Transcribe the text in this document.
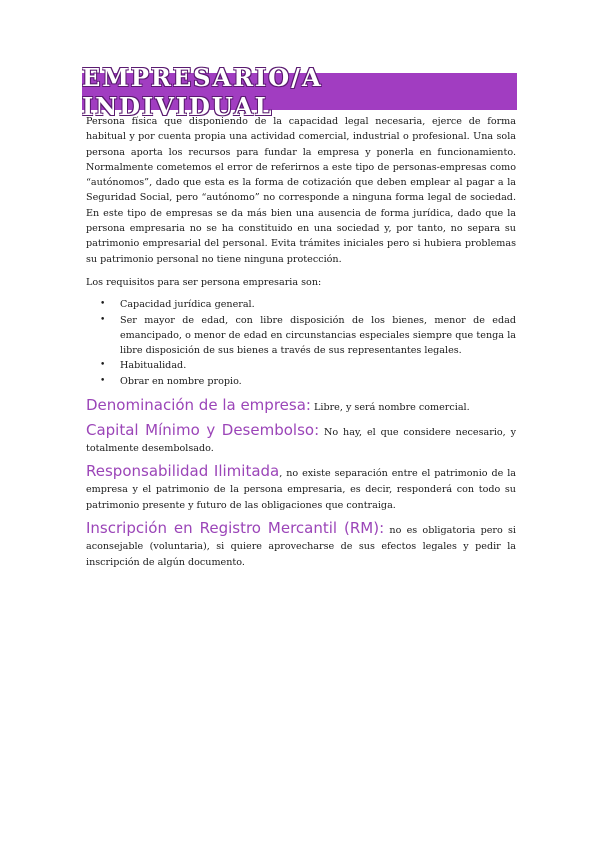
EMPRESARIO/A INDIVIDUAL

Persona física que disponiendo de la capacidad legal necesaria, ejerce de forma habitual y por cuenta propia una actividad comercial, industrial o profesional. Una sola persona aporta los recursos para fundar la empresa y ponerla en funcionamiento. Normalmente cometemos el error de referirnos a este tipo de personas-empresas como “autónomos”, dado que esta es la forma de cotización que deben emplear al pagar a la Seguridad Social, pero “autónomo” no corresponde a ninguna forma legal de sociedad. En este tipo de empresas se da más bien una ausencia de forma jurídica, dado que la persona empresaria no se ha constituido en una sociedad y, por tanto, no separa su patrimonio empresarial del personal. Evita trámites iniciales pero si hubiera problemas su patrimonio personal no tiene ninguna protección.

Los requisitos para ser persona empresaria son:

• Capacidad jurídica general.
• Ser mayor de edad, con libre disposición de los bienes, menor de edad emancipado, o menor de edad en circunstancias especiales siempre que tenga la libre disposición de sus bienes a través de sus representantes legales.
• Habitualidad.
• Obrar en nombre propio.

Denominación de la empresa: Libre, y será nombre comercial.

Capital Mínimo y Desembolso: No hay, el que considere necesario, y totalmente desembolsado.

Responsabilidad Ilimitada, no existe separación entre el patrimonio de la empresa y el patrimonio de la persona empresaria, es decir, responderá con todo su patrimonio presente y futuro de las obligaciones que contraiga.

Inscripción en Registro Mercantil (RM): no es obligatoria pero si aconsejable (voluntaria), si quiere aprovecharse de sus efectos legales y pedir la inscripción de algún documento.
